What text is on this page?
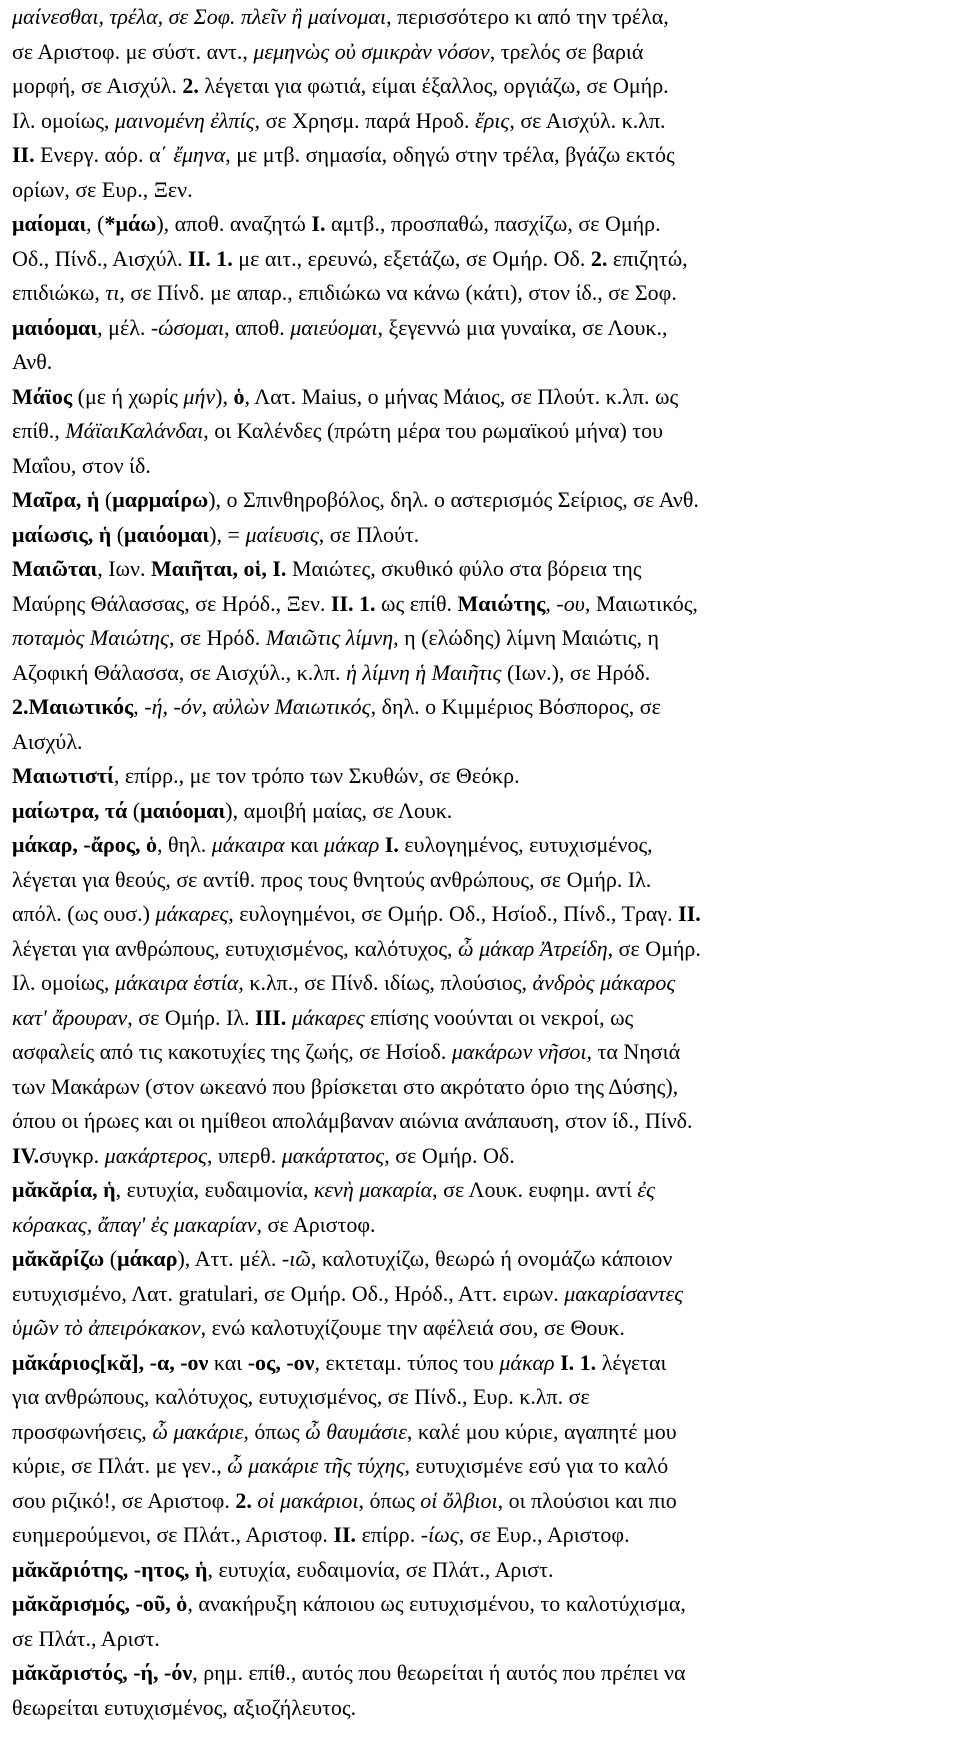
μαίνεσθαι, τρέλα, σε Σοφ. πλεῖν ἢ μαίνομαι, περισσότερο κι από την τρέλα,
σε Αριστοφ. με σύστ. αντ., μεμηνὼς οὐ σμικρὰν νόσον, τρελός σε βαριά
μορφή, σε Αισχύλ. 2. λέγεται για φωτιά, είμαι έξαλλος, οργιάζω, σε Ομήρ.
Ιλ. ομοίως, μαινομένη ἐλπίς, σε Χρησμ. παρά Ηροδ. ἔρις, σε Αισχύλ. κ.λπ.
II. Ενεργ. αόρ. α΄ ἔμηνα, με μτβ. σημασία, οδηγώ στην τρέλα, βγάζω εκτός
ορίων, σε Ευρ., Ξεν.
μαίομαι, (*μάω), αποθ. αναζητώ I. αμτβ., προσπαθώ, πασχίζω, σε Ομήρ.
Οδ., Πίνδ., Αισχύλ. II. 1. με αιτ., ερευνώ, εξετάζω, σε Ομήρ. Οδ. 2. επιζητώ,
επιδιώκω, τι, σε Πίνδ. με απαρ., επιδιώκω να κάνω (κάτι), στον ίδ., σε Σοφ.
μαιόομαι, μέλ. -ώσομαι, αποθ. μαιεύομαι, ξεγεννώ μια γυναίκα, σε Λουκ.,
Ανθ.
Μάϊος (με ή χωρίς μήν), ὁ, Λατ. Maius, ο μήνας Μάιος, σε Πλούτ. κ.λπ. ως
επίθ., ΜάϊαιΚαλάνδαι, οι Καλένδες (πρώτη μέρα του ρωμαϊκού μήνα) του
Μαΐου, στον ίδ.
Μαῖρα, ἡ (μαρμαίρω), ο Σπινθηροβόλος, δηλ. ο αστερισμός Σείριος, σε Ανθ.
μαίωσις, ἡ (μαιόομαι), = μαίευσις, σε Πλούτ.
Μαιῶται, Ιων. Μαιῆται, οἱ, I. Μαιώτες, σκυθικό φύλο στα βόρεια της
Μαύρης Θάλασσας, σε Ηρόδ., Ξεν. II. 1. ως επίθ. Μαιώτης, -ου, Μαιωτικός,
ποταμὸς Μαιώτης, σε Ηρόδ. Μαιῶτις λίμνη, η (ελώδης) λίμνη Μαιώτις, η
Αζοφική Θάλασσα, σε Αισχύλ., κ.λπ. ἡ λίμνη ἡ Μαιῆτις (Ιων.), σε Ηρόδ.
2.Μαιωτικός, -ή, -όν, αὐλὼν Μαιωτικός, δηλ. ο Κιμμέριος Βόσπορος, σε
Αισχύλ.
Μαιωτιστί, επίρρ., με τον τρόπο των Σκυθών, σε Θεόκρ.
μαίωτρα, τά (μαιόομαι), αμοιβή μαίας, σε Λουκ.
μάκαρ, -ἄρος, ὁ, θηλ. μάκαιρα και μάκαρ I. ευλογημένος, ευτυχισμένος,
λέγεται για θεούς, σε αντίθ. προς τους θνητούς ανθρώπους, σε Ομήρ. Ιλ.
απόλ. (ως ουσ.) μάκαρες, ευλογημένοι, σε Ομήρ. Οδ., Ησίοδ., Πίνδ., Τραγ. II.
λέγεται για ανθρώπους, ευτυχισμένος, καλότυχος, ὦ μάκαρ Ἀτρείδη, σε Ομήρ.
Ιλ. ομοίως, μάκαιρα ἑστία, κ.λπ., σε Πίνδ. ιδίως, πλούσιος, ἀνδρὸς μάκαρος
κατ' ἄρουραν, σε Ομήρ. Ιλ. III. μάκαρες επίσης νοούνται οι νεκροί, ως
ασφαλείς από τις κακοτυχίες της ζωής, σε Ησίοδ. μακάρων νῆσοι, τα Νησιά
των Μακάρων (στον ωκεανό που βρίσκεται στο ακρότατο όριο της Δύσης),
όπου οι ήρωες και οι ημίθεοι απολάμβαναν αιώνια ανάπαυση, στον ίδ., Πίνδ.
IV.συγκρ. μακάρτερος, υπερθ. μακάρτατος, σε Ομήρ. Οδ.
μᾰκᾰρία, ἡ, ευτυχία, ευδαιμονία, κενὴ μακαρία, σε Λουκ. ευφημ. αντί ἐς
κόρακας, ἄπαγ' ἐς μακαρίαν, σε Αριστοφ.
μᾰκᾰρίζω (μάκαρ), Αττ. μέλ. -ιῶ, καλοτυχίζω, θεωρώ ή ονομάζω κάποιον
ευτυχισμένο, Λατ. gratulari, σε Ομήρ. Οδ., Ηρόδ., Αττ. ειρων. μακαρίσαντες
ὑμῶν τὸ ἀπειρόκακον, ενώ καλοτυχίζουμε την αφέλειά σου, σε Θουκ.
μᾰκάριος[κᾰ], -α, -ον και -ος, -ον, εκτεταμ. τύπος του μάκαρ I. 1. λέγεται
για ανθρώπους, καλότυχος, ευτυχισμένος, σε Πίνδ., Ευρ. κ.λπ. σε
προσφωνήσεις, ὦ μακάριε, όπως ὦ θαυμάσιε, καλέ μου κύριε, αγαπητέ μου
κύριε, σε Πλάτ. με γεν., ὦ μακάριε τῆς τύχης, ευτυχισμένε εσύ για το καλό
σου ριζικό!, σε Αριστοφ. 2. οἱ μακάριοι, όπως οἱ ὄλβιοι, οι πλούσιοι και πιο
ευημερούμενοι, σε Πλάτ., Αριστοφ. II. επίρρ. -ίως, σε Ευρ., Αριστοφ.
μᾰκᾰριότης, -ητος, ἡ, ευτυχία, ευδαιμονία, σε Πλάτ., Αριστ.
μᾰκᾰρισμός, -οῦ, ὁ, ανακήρυξη κάποιου ως ευτυχισμένου, το καλοτύχισμα,
σε Πλάτ., Αριστ.
μᾰκᾰριστός, -ή, -όν, ρημ. επίθ., αυτός που θεωρείται ή αυτός που πρέπει να
θεωρείται ευτυχισμένος, αξιοζήλευτος.
